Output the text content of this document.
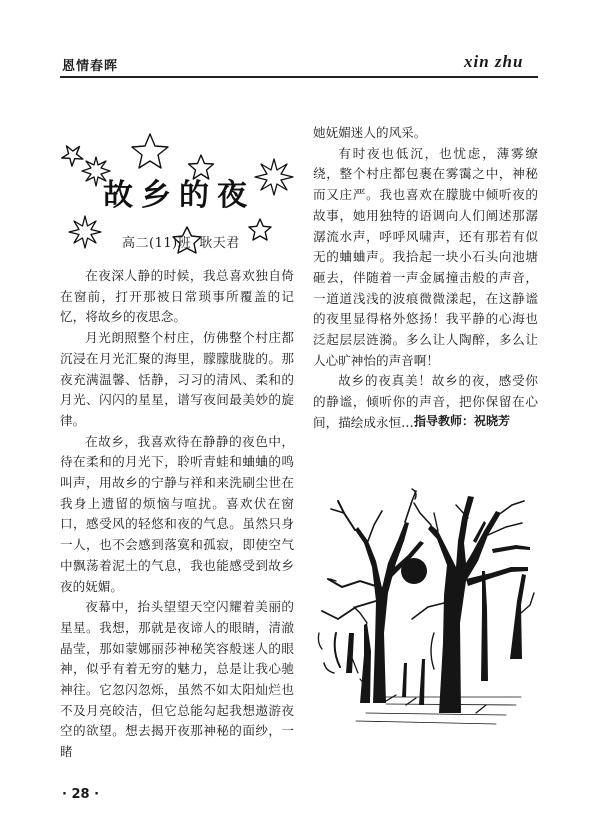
恩情春晖	xin zhu
故乡的夜
高二(11)班 耿天君

在夜深人静的时候，我总喜欢独自倚在窗前，打开那被日常琐事所覆盖的记忆，将故乡的夜思念。

月光朗照整个村庄，仿佛整个村庄都沉浸在月光汇聚的海里，朦朦胧胧的。那夜充满温馨、恬静，习习的清风、柔和的月光、闪闪的星星，谱写夜间最美妙的旋律。

在故乡，我喜欢待在静静的夜色中，待在柔和的月光下，聆听青蛙和蛐蛐的鸣叫声，用故乡的宁静与祥和来洗刷尘世在我身上遗留的烦恼与喧扰。喜欢伏在窗口，感受风的轻悠和夜的气息。虽然只身一人，也不会感到落寞和孤寂，即使空气中飘荡着泥土的气息，我也能感受到故乡夜的妩媚。

夜幕中，抬头望望天空闪耀着美丽的星星。我想，那就是夜谛人的眼睛，清澈晶莹，那如蒙娜丽莎神秘笑容般迷人的眼神，似乎有着无穷的魅力，总是让我心驰神往。它忽闪忽烁，虽然不如太阳灿烂也不及月亮皎洁，但它总能勾起我想遨游夜空的欲望。想去揭开夜那神秘的面纱，一睹

她妩媚迷人的风采。

有时夜也低沉，也忧虑，薄雾缭绕，整个村庄都包裹在雾霭之中，神秘而又庄严。我也喜欢在朦胧中倾听夜的故事，她用独特的语调向人们阐述那潺潺流水声，呼呼风啸声，还有那若有似无的蛐蛐声。我拾起一块小石头向池塘砸去，伴随着一声金属撞击般的声音，一道道浅浅的波痕微微漾起，在这静谧的夜里显得格外悠扬！我平静的心海也泛起层层涟漪。多么让人陶醉，多么让人心旷神怡的声音啊！

故乡的夜真美！故乡的夜，感受你的静谧，倾听你的声音，把你保留在心间，描绘成永恒……

指导教师：祝晓芳
· 28 ·
